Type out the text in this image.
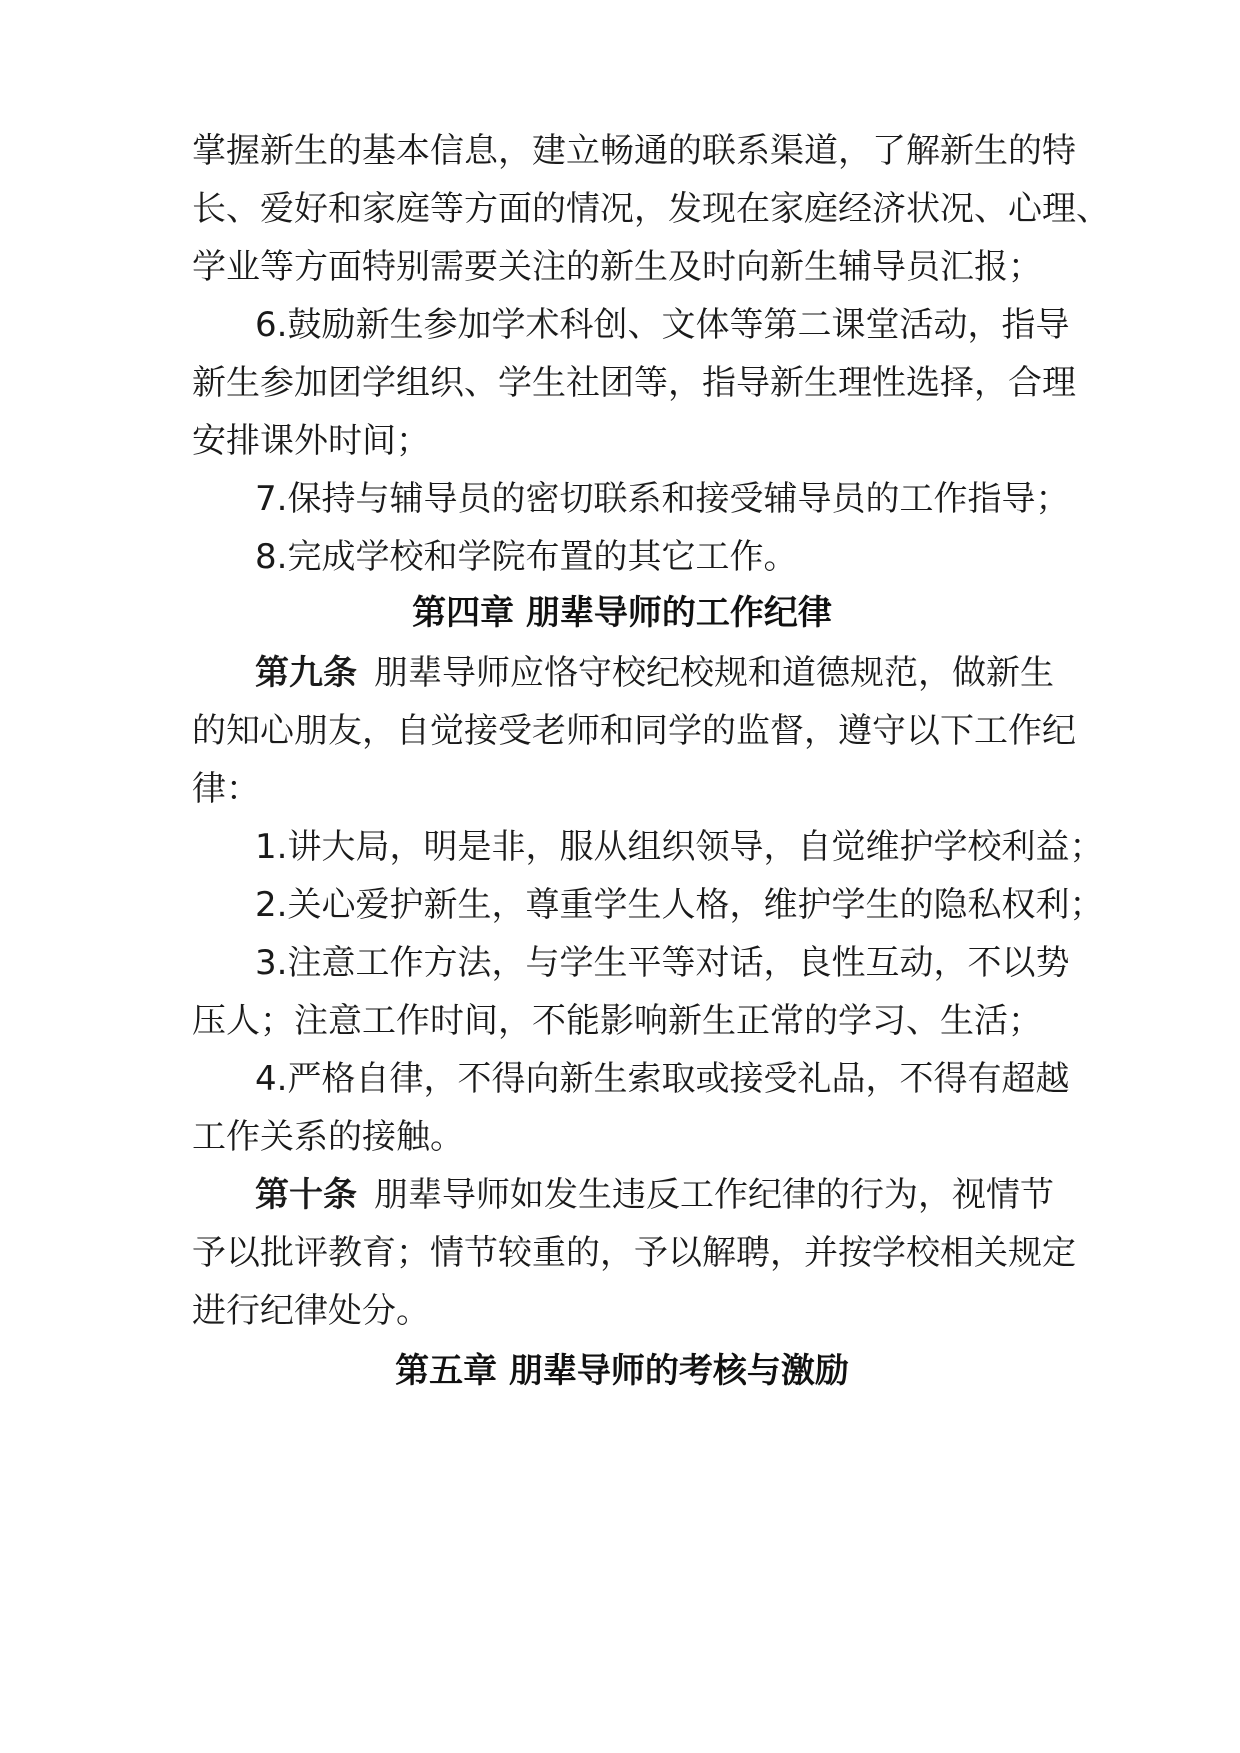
掌握新生的基本信息，建立畅通的联系渠道，了解新生的特
长、爱好和家庭等方面的情况，发现在家庭经济状况、心理、
学业等方面特别需要关注的新生及时向新生辅导员汇报；
6.鼓励新生参加学术科创、文体等第二课堂活动，指导
新生参加团学组织、学生社团等，指导新生理性选择，合理
安排课外时间；
7.保持与辅导员的密切联系和接受辅导员的工作指导；
8.完成学校和学院布置的其它工作。
第四章 朋辈导师的工作纪律
第九条 朋辈导师应恪守校纪校规和道德规范，做新生
的知心朋友，自觉接受老师和同学的监督，遵守以下工作纪
律：
1.讲大局，明是非，服从组织领导，自觉维护学校利益；
2.关心爱护新生，尊重学生人格，维护学生的隐私权利；
3.注意工作方法，与学生平等对话，良性互动，不以势
压人；注意工作时间，不能影响新生正常的学习、生活；
4.严格自律，不得向新生索取或接受礼品，不得有超越
工作关系的接触。
第十条 朋辈导师如发生违反工作纪律的行为，视情节
予以批评教育；情节较重的，予以解聘，并按学校相关规定
进行纪律处分。
第五章 朋辈导师的考核与激励
